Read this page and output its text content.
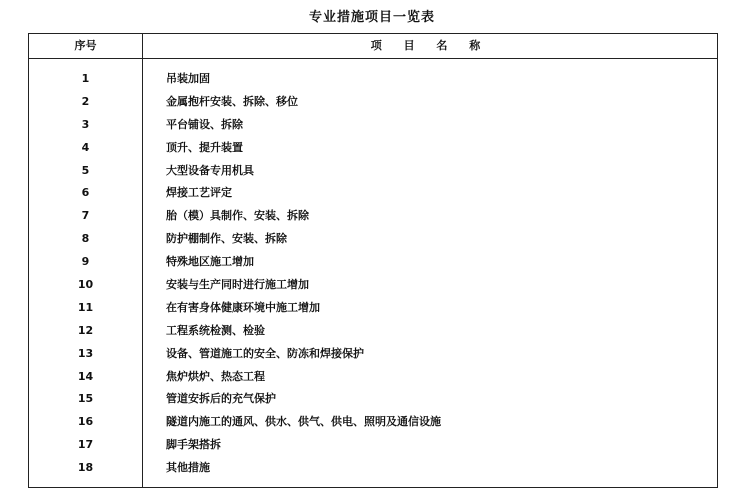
专业措施项目一览表
序号	项 目 名 称
1	吊装加固
2	金属抱杆安装、拆除、移位
3	平台铺设、拆除
4	顶升、提升装置
5	大型设备专用机具
6	焊接工艺评定
7	胎（模）具制作、安装、拆除
8	防护棚制作、安装、拆除
9	特殊地区施工增加
10	安装与生产同时进行施工增加
11	在有害身体健康环境中施工增加
12	工程系统检测、检验
13	设备、管道施工的安全、防冻和焊接保护
14	焦炉烘炉、热态工程
15	管道安拆后的充气保护
16	隧道内施工的通风、供水、供气、供电、照明及通信设施
17	脚手架搭拆
18	其他措施
